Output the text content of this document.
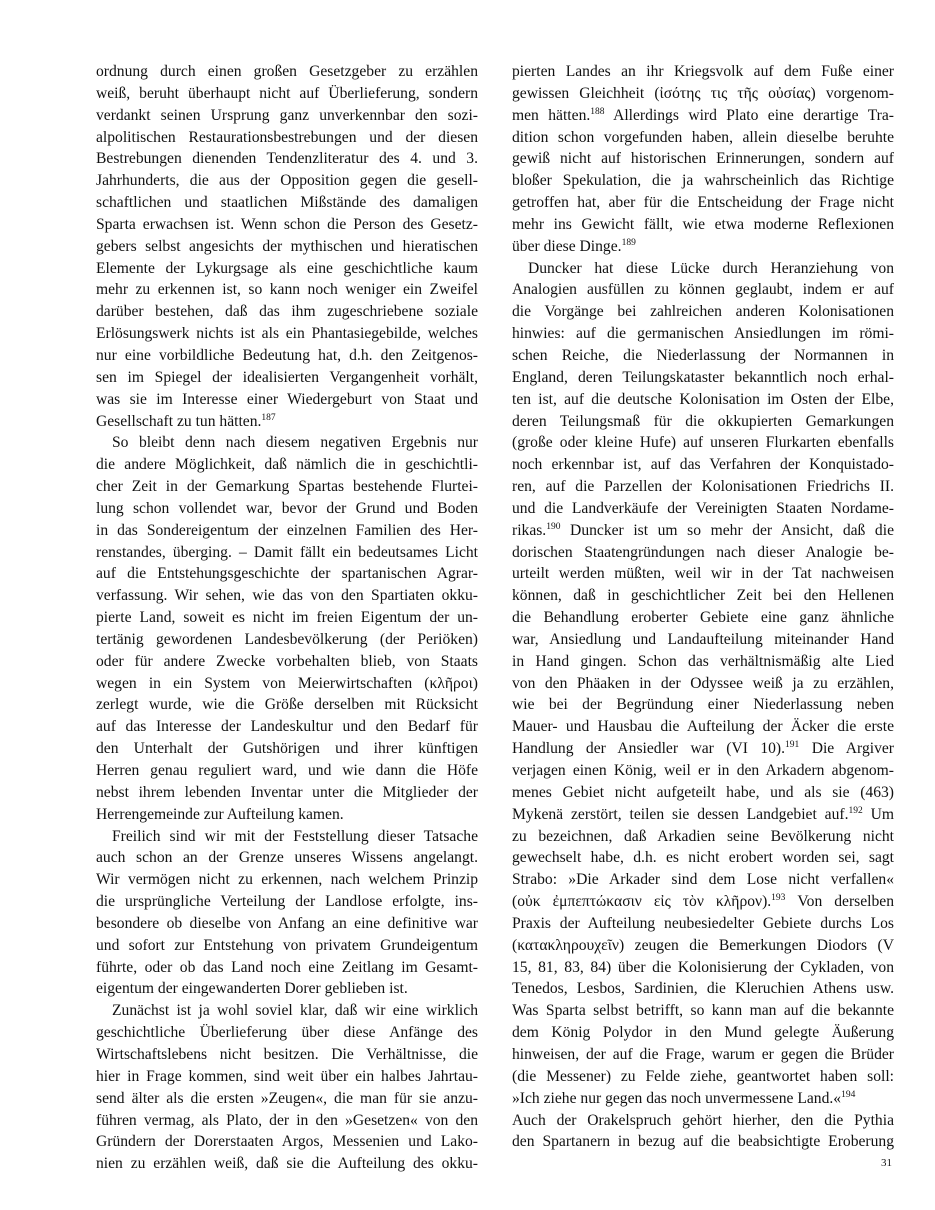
ordnung durch einen großen Gesetzgeber zu erzählen
weiß, beruht überhaupt nicht auf Überlieferung, sondern
verdankt seinen Ursprung ganz unverkennbar den sozi-
alpolitischen Restaurationsbestrebungen und der diesen
Bestrebungen dienenden Tendenzliteratur des 4. und 3.
Jahrhunderts, die aus der Opposition gegen die gesell-
schaftlichen und staatlichen Mißstände des damaligen
Sparta erwachsen ist. Wenn schon die Person des Gesetz-
gebers selbst angesichts der mythischen und hieratischen
Elemente der Lykurgsage als eine geschichtliche kaum
mehr zu erkennen ist, so kann noch weniger ein Zweifel
darüber bestehen, daß das ihm zugeschriebene soziale
Erlösungswerk nichts ist als ein Phantasiegebilde, welches
nur eine vorbildliche Bedeutung hat, d.h. den Zeitgenos-
sen im Spiegel der idealisierten Vergangenheit vorhält,
was sie im Interesse einer Wiedergeburt von Staat und
Gesellschaft zu tun hätten.$^{187}$
So bleibt denn nach diesem negativen Ergebnis nur
die andere Möglichkeit, daß nämlich die in geschichtli-
cher Zeit in der Gemarkung Spartas bestehende Flurtei-
lung schon vollendet war, bevor der Grund und Boden
in das Sondereigentum der einzelnen Familien des Her-
renstandes, überging. – Damit fällt ein bedeutsames Licht
auf die Entstehungsgeschichte der spartanischen Agrar-
verfassung. Wir sehen, wie das von den Spartiaten okku-
pierte Land, soweit es nicht im freien Eigentum der un-
tertänig gewordenen Landesbevölkerung (der Periöken)
oder für andere Zwecke vorbehalten blieb, von Staats
wegen in ein System von Meierwirtschaften (κλῆροι)
zerlegt wurde, wie die Größe derselben mit Rücksicht
auf das Interesse der Landeskultur und den Bedarf für
den Unterhalt der Gutshörigen und ihrer künftigen
Herren genau reguliert ward, und wie dann die Höfe
nebst ihrem lebenden Inventar unter die Mitglieder der
Herrengemeinde zur Aufteilung kamen.
Freilich sind wir mit der Feststellung dieser Tatsache
auch schon an der Grenze unseres Wissens angelangt.
Wir vermögen nicht zu erkennen, nach welchem Prinzip
die ursprüngliche Verteilung der Landlose erfolgte, ins-
besondere ob dieselbe von Anfang an eine definitive war
und sofort zur Entstehung von privatem Grundeigentum
führte, oder ob das Land noch eine Zeitlang im Gesamt-
eigentum der eingewanderten Dorer geblieben ist.
Zunächst ist ja wohl soviel klar, daß wir eine wirklich
geschichtliche Überlieferung über diese Anfänge des
Wirtschaftslebens nicht besitzen. Die Verhältnisse, die
hier in Frage kommen, sind weit über ein halbes Jahrtau-
send älter als die ersten »Zeugen«, die man für sie anzu-
führen vermag, als Plato, der in den »Gesetzen« von den
Gründern der Dorerstaaten Argos, Messenien und Lako-
nien zu erzählen weiß, daß sie die Aufteilung des okku-
pierten Landes an ihr Kriegsvolk auf dem Fuße einer
gewissen Gleichheit (ἰσότης τις τῆς οὐσίας) vorgenom-
men hätten.$^{188}$ Allerdings wird Plato eine derartige Tra-
dition schon vorgefunden haben, allein dieselbe beruhte
gewiß nicht auf historischen Erinnerungen, sondern auf
bloßer Spekulation, die ja wahrscheinlich das Richtige
getroffen hat, aber für die Entscheidung der Frage nicht
mehr ins Gewicht fällt, wie etwa moderne Reflexionen
über diese Dinge.$^{189}$
Duncker hat diese Lücke durch Heranziehung von
Analogien ausfüllen zu können geglaubt, indem er auf
die Vorgänge bei zahlreichen anderen Kolonisationen
hinwies: auf die germanischen Ansiedlungen im römi-
schen Reiche, die Niederlassung der Normannen in
England, deren Teilungskataster bekanntlich noch erhal-
ten ist, auf die deutsche Kolonisation im Osten der Elbe,
deren Teilungsmaß für die okkupierten Gemarkungen
(große oder kleine Hufe) auf unseren Flurkarten ebenfalls
noch erkennbar ist, auf das Verfahren der Konquistado-
ren, auf die Parzellen der Kolonisationen Friedrichs II.
und die Landverkäufe der Vereinigten Staaten Nordame-
rikas.$^{190}$ Duncker ist um so mehr der Ansicht, daß die
dorischen Staatengründungen nach dieser Analogie be-
urteilt werden müßten, weil wir in der Tat nachweisen
können, daß in geschichtlicher Zeit bei den Hellenen
die Behandlung eroberter Gebiete eine ganz ähnliche
war, Ansiedlung und Landaufteilung miteinander Hand
in Hand gingen. Schon das verhältnismäßig alte Lied
von den Phäaken in der Odyssee weiß ja zu erzählen,
wie bei der Begründung einer Niederlassung neben
Mauer- und Hausbau die Aufteilung der Äcker die erste
Handlung der Ansiedler war (VI 10).$^{191}$ Die Argiver
verjagen einen König, weil er in den Arkadern abgenom-
menes Gebiet nicht aufgeteilt habe, und als sie (463)
Mykenä zerstört, teilen sie dessen Landgebiet auf.$^{192}$ Um
zu bezeichnen, daß Arkadien seine Bevölkerung nicht
gewechselt habe, d.h. es nicht erobert worden sei, sagt
Strabo: »Die Arkader sind dem Lose nicht verfallen«
(οὐκ ἐμπεπτώκασιν εἰς τὸν κλῆρον).$^{193}$ Von derselben
Praxis der Aufteilung neubesiedelter Gebiete durchs Los
(κατακληρουχεῖν) zeugen die Bemerkungen Diodors (V
15, 81, 83, 84) über die Kolonisierung der Cykladen, von
Tenedos, Lesbos, Sardinien, die Kleruchien Athens usw.
Was Sparta selbst betrifft, so kann man auf die bekannte
dem König Polydor in den Mund gelegte Äußerung
hinweisen, der auf die Frage, warum er gegen die Brüder
(die Messener) zu Felde ziehe, geantwortet haben soll:
»Ich ziehe nur gegen das noch unvermessene Land.«$^{194}$
Auch der Orakelspruch gehört hierher, den die Pythia
den Spartanern in bezug auf die beabsichtigte Eroberung
31
